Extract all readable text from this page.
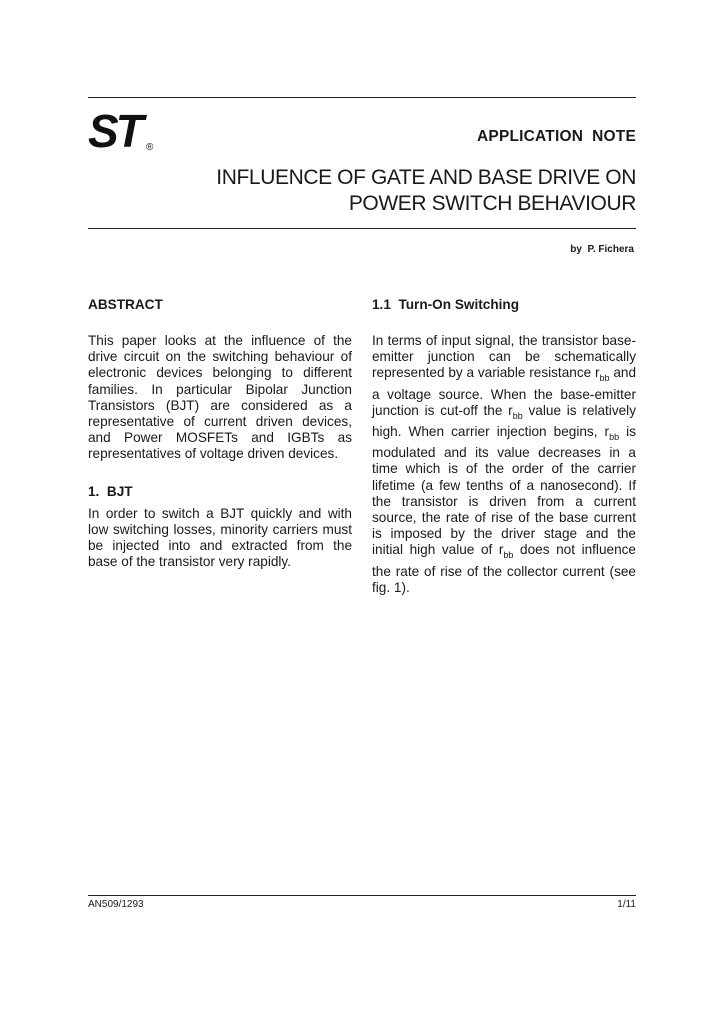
ST ®
APPLICATION  NOTE
INFLUENCE OF GATE AND BASE DRIVE ON
POWER SWITCH BEHAVIOUR
by  P. Fichera
ABSTRACT

This paper looks at the influence of the drive circuit on the switching behaviour of electronic devices belonging to different families. In particular Bipolar Junction Transistors (BJT) are considered as a representative of current driven devices, and Power MOSFETs and IGBTs as representatives of voltage driven devices.

1.  BJT

In order to switch a BJT quickly and with low switching losses, minority carriers must be injected into and extracted from the base of the transistor very rapidly.

1.1  Turn-On Switching

In terms of input signal, the transistor base-emitter junction can be schematically represented by a variable resistance $r_{bb}$ and a voltage source. When the base-emitter junction is cut-off the $r_{bb}$ value is relatively high. When carrier injection begins, $r_{bb}$ is modulated and its value decreases in a time which is of the order of the carrier lifetime (a few tenths of a nanosecond). If the transistor is driven from a current source, the rate of rise of the base current is imposed by the driver stage and the initial high value of $r_{bb}$ does not influence the rate of rise of the collector current (see fig. 1).

AN509/1293	1/11
